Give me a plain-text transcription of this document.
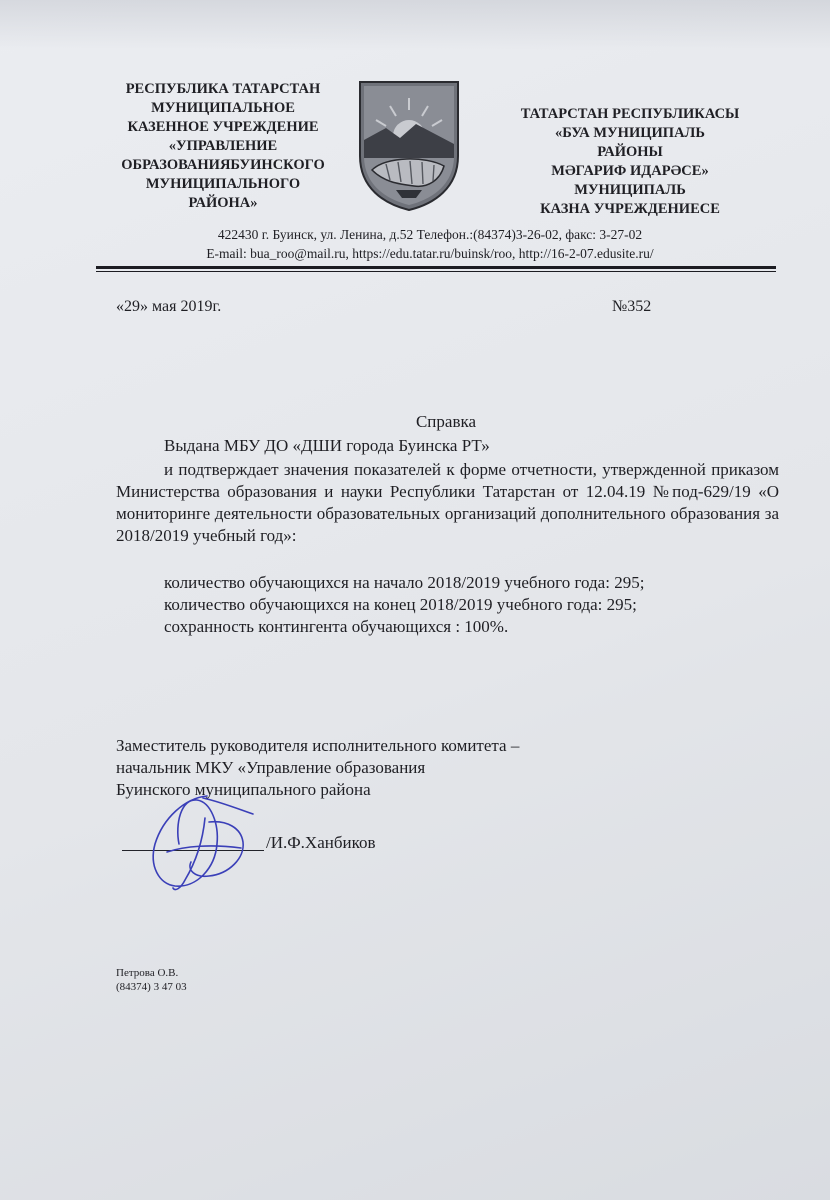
РЕСПУБЛИКА ТАТАРСТАН
МУНИЦИПАЛЬНОЕ
КАЗЕННОЕ УЧРЕЖДЕНИЕ
«УПРАВЛЕНИЕ
ОБРАЗОВАНИЯБУИНСКОГО
МУНИЦИПАЛЬНОГО
РАЙОНА»
ТАТАРСТАН РЕСПУБЛИКАСЫ
«БУА МУНИЦИПАЛЬ
РАЙОНЫ
МӘГАРИФ ИДАРӘСЕ»
МУНИЦИПАЛЬ
КАЗНА УЧРЕЖДЕНИЕСЕ
422430 г. Буинск, ул. Ленина, д.52 Телефон.:(84374)3-26-02, факс: 3-27-02
E-mail: bua_roo@mail.ru, https://edu.tatar.ru/buinsk/roo, http://16-2-07.edusite.ru/
«29» мая 2019г.	№352
Справка
Выдана МБУ ДО «ДШИ города Буинска РТ»
и подтверждает значения показателей к форме отчетности, утвержденной приказом Министерства образования и науки Республики Татарстан от 12.04.19 №под-629/19 «О мониторинге деятельности образовательных организаций дополнительного образования за 2018/2019 учебный год»:
количество обучающихся на начало 2018/2019 учебного года: 295;
количество обучающихся на конец 2018/2019 учебного года: 295;
сохранность контингента обучающихся : 100%.
Заместитель руководителя исполнительного комитета –
начальник МКУ «Управление образования
Буинского муниципального района
/И.Ф.Ханбиков
Петрова О.В.
(84374) 3 47 03
